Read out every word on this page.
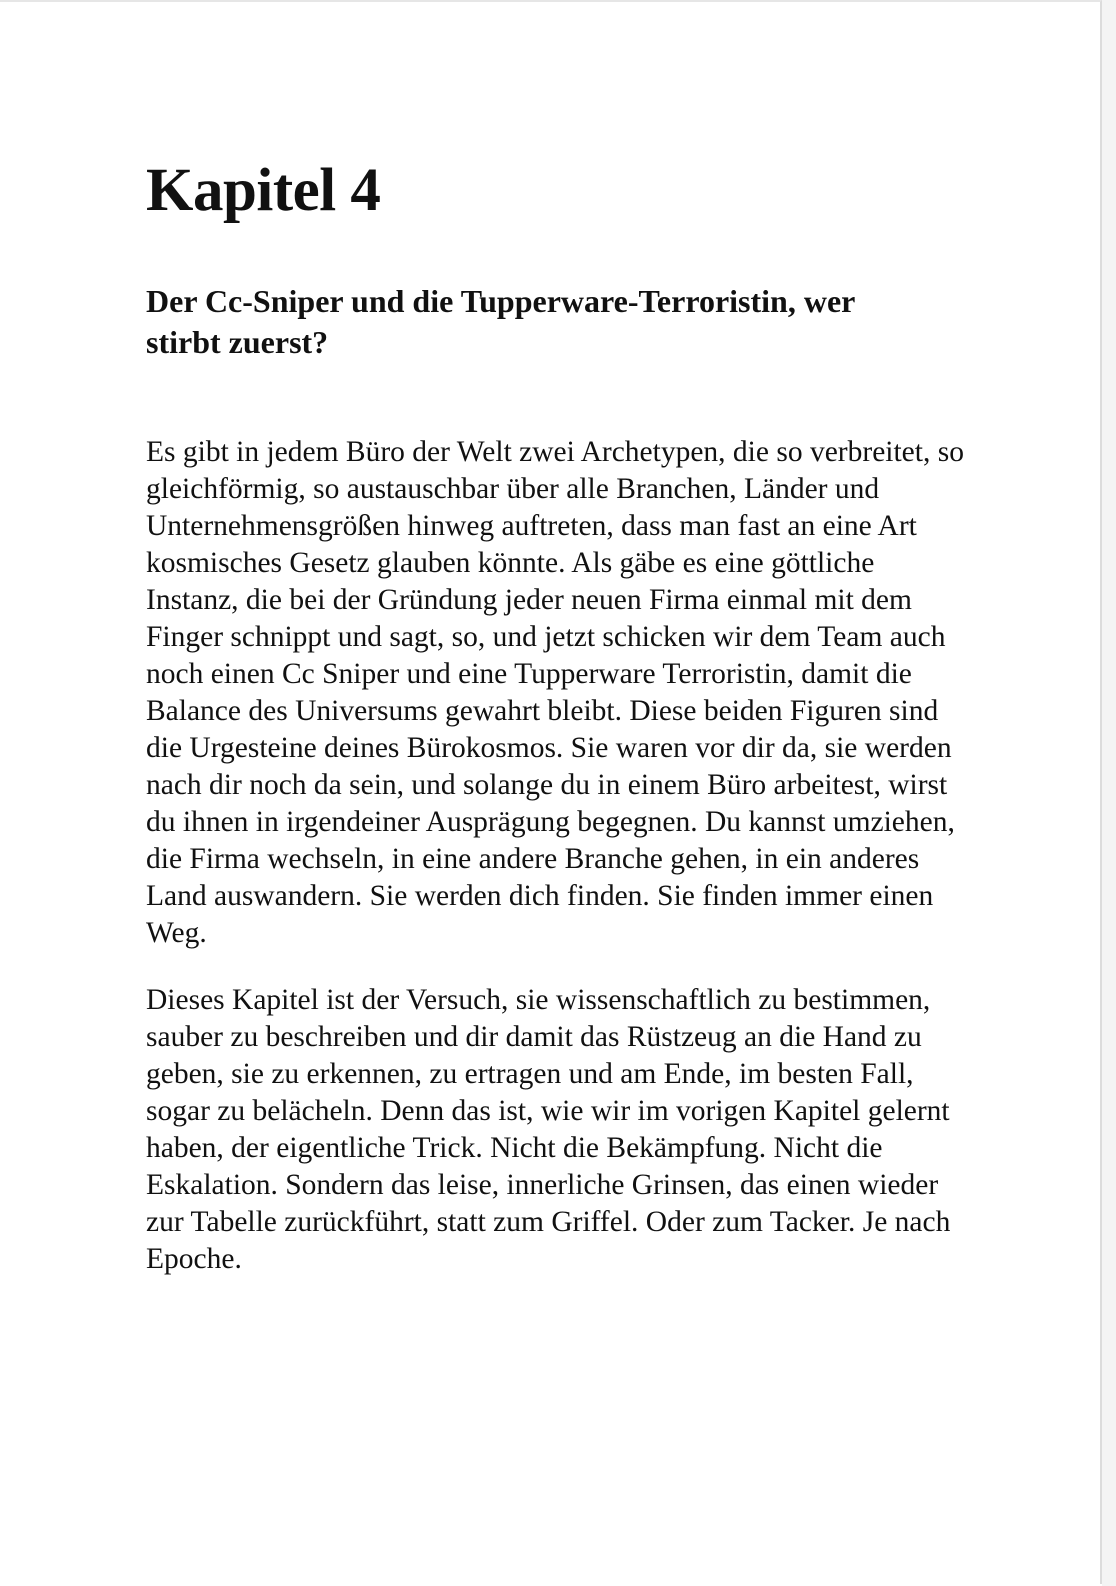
Kapitel 4
Der Cc-Sniper und die Tupperware-Terroristin, wer stirbt zuerst?

Es gibt in jedem Büro der Welt zwei Archetypen, die so verbreitet, so gleichförmig, so austauschbar über alle Branchen, Länder und Unternehmensgrößen hinweg auftreten, dass man fast an eine Art kosmisches Gesetz glauben könnte. Als gäbe es eine göttliche Instanz, die bei der Gründung jeder neuen Firma einmal mit dem Finger schnippt und sagt, so, und jetzt schicken wir dem Team auch noch einen Cc Sniper und eine Tupperware Terroristin, damit die Balance des Universums gewahrt bleibt. Diese beiden Figuren sind die Urgesteine deines Bürokosmos. Sie waren vor dir da, sie werden nach dir noch da sein, und solange du in einem Büro arbeitest, wirst du ihnen in irgendeiner Ausprägung begegnen. Du kannst umziehen, die Firma wechseln, in eine andere Branche gehen, in ein anderes Land auswandern. Sie werden dich finden. Sie finden immer einen Weg.

Dieses Kapitel ist der Versuch, sie wissenschaftlich zu bestimmen, sauber zu beschreiben und dir damit das Rüstzeug an die Hand zu geben, sie zu erkennen, zu ertragen und am Ende, im besten Fall, sogar zu belächeln. Denn das ist, wie wir im vorigen Kapitel gelernt haben, der eigentliche Trick. Nicht die Bekämpfung. Nicht die Eskalation. Sondern das leise, innerliche Grinsen, das einen wieder zur Tabelle zurückführt, statt zum Griffel. Oder zum Tacker. Je nach Epoche.
